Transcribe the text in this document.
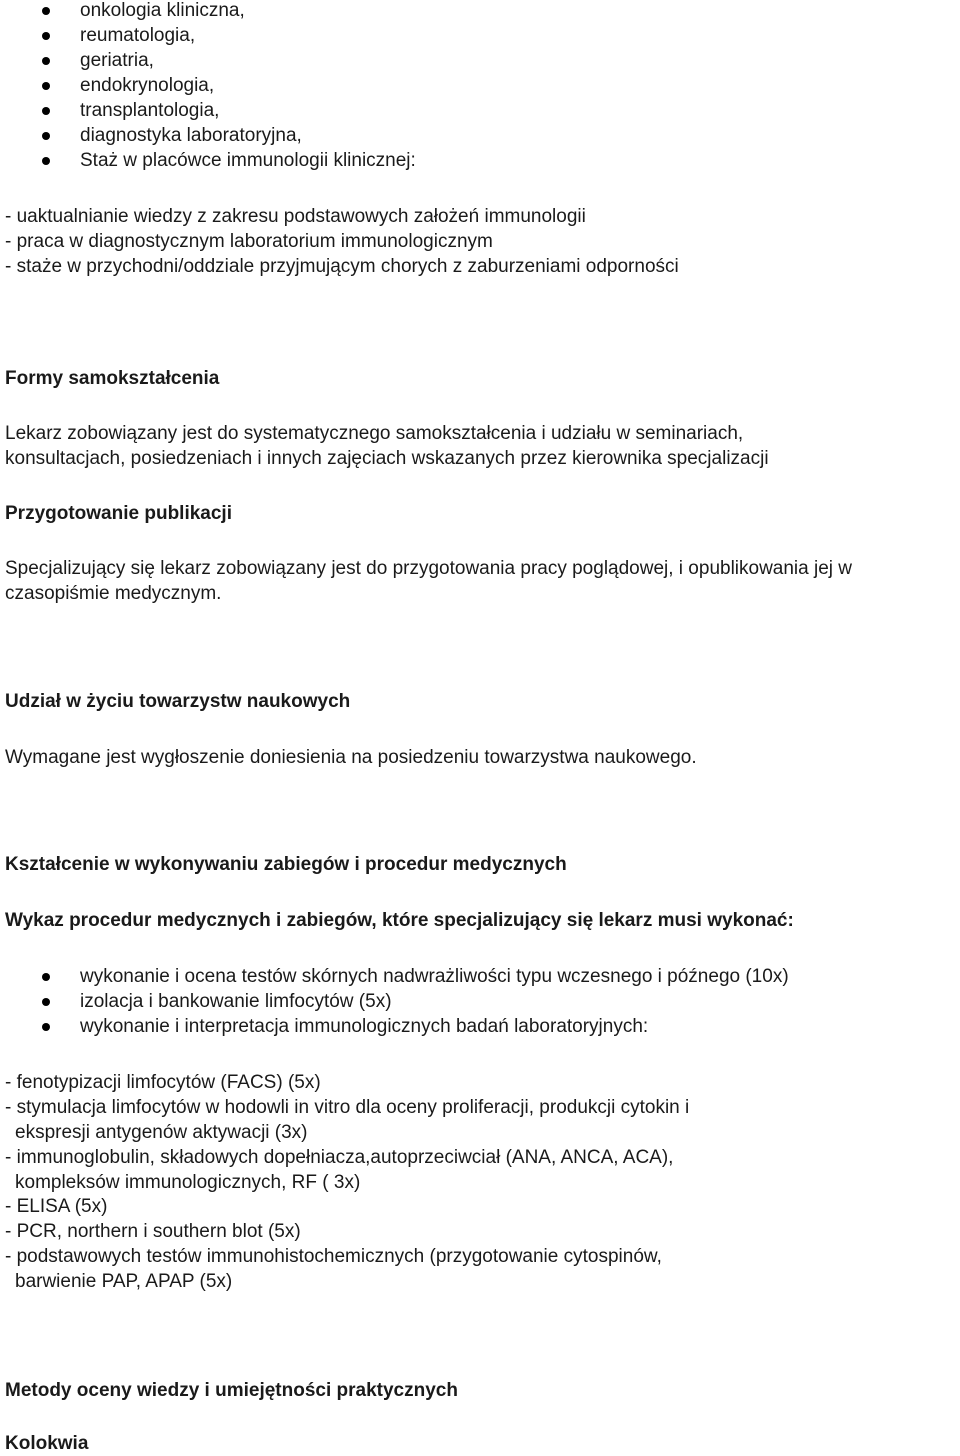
onkologia kliniczna,
reumatologia,
geriatria,
endokrynologia,
transplantologia,
diagnostyka laboratoryjna,
Staż w placówce immunologii klinicznej:
- uaktualnianie wiedzy z zakresu podstawowych założeń immunologii
- praca w diagnostycznym laboratorium immunologicznym
- staże w przychodni/oddziale przyjmującym chorych z zaburzeniami odporności
Formy samokształcenia
Lekarz zobowiązany jest do systematycznego samokształcenia i udziału w seminariach,
konsultacjach, posiedzeniach i innych zajęciach wskazanych przez kierownika specjalizacji
Przygotowanie publikacji
Specjalizujący się lekarz zobowiązany jest do przygotowania pracy poglądowej, i opublikowania jej w
czasopiśmie medycznym.
Udział w życiu towarzystw naukowych
Wymagane jest wygłoszenie doniesienia na posiedzeniu towarzystwa naukowego.
Kształcenie w wykonywaniu zabiegów i procedur medycznych
Wykaz procedur medycznych i zabiegów, które specjalizujący się lekarz musi wykonać:
wykonanie i ocena testów skórnych nadwrażliwości typu wczesnego i późnego (10x)
izolacja i bankowanie limfocytów (5x)
wykonanie i interpretacja immunologicznych badań laboratoryjnych:
- fenotypizacji limfocytów (FACS) (5x)
- stymulacja limfocytów w hodowli in vitro dla oceny proliferacji, produkcji cytokin i
ekspresji antygenów aktywacji (3x)
- immunoglobulin, składowych dopełniacza,autoprzeciwciał (ANA, ANCA, ACA),
kompleksów immunologicznych, RF ( 3x)
- ELISA (5x)
- PCR, northern i southern blot (5x)
- podstawowych testów immunohistochemicznych (przygotowanie cytospinów,
barwienie PAP, APAP (5x)
Metody oceny wiedzy i umiejętności praktycznych
Kolokwia
